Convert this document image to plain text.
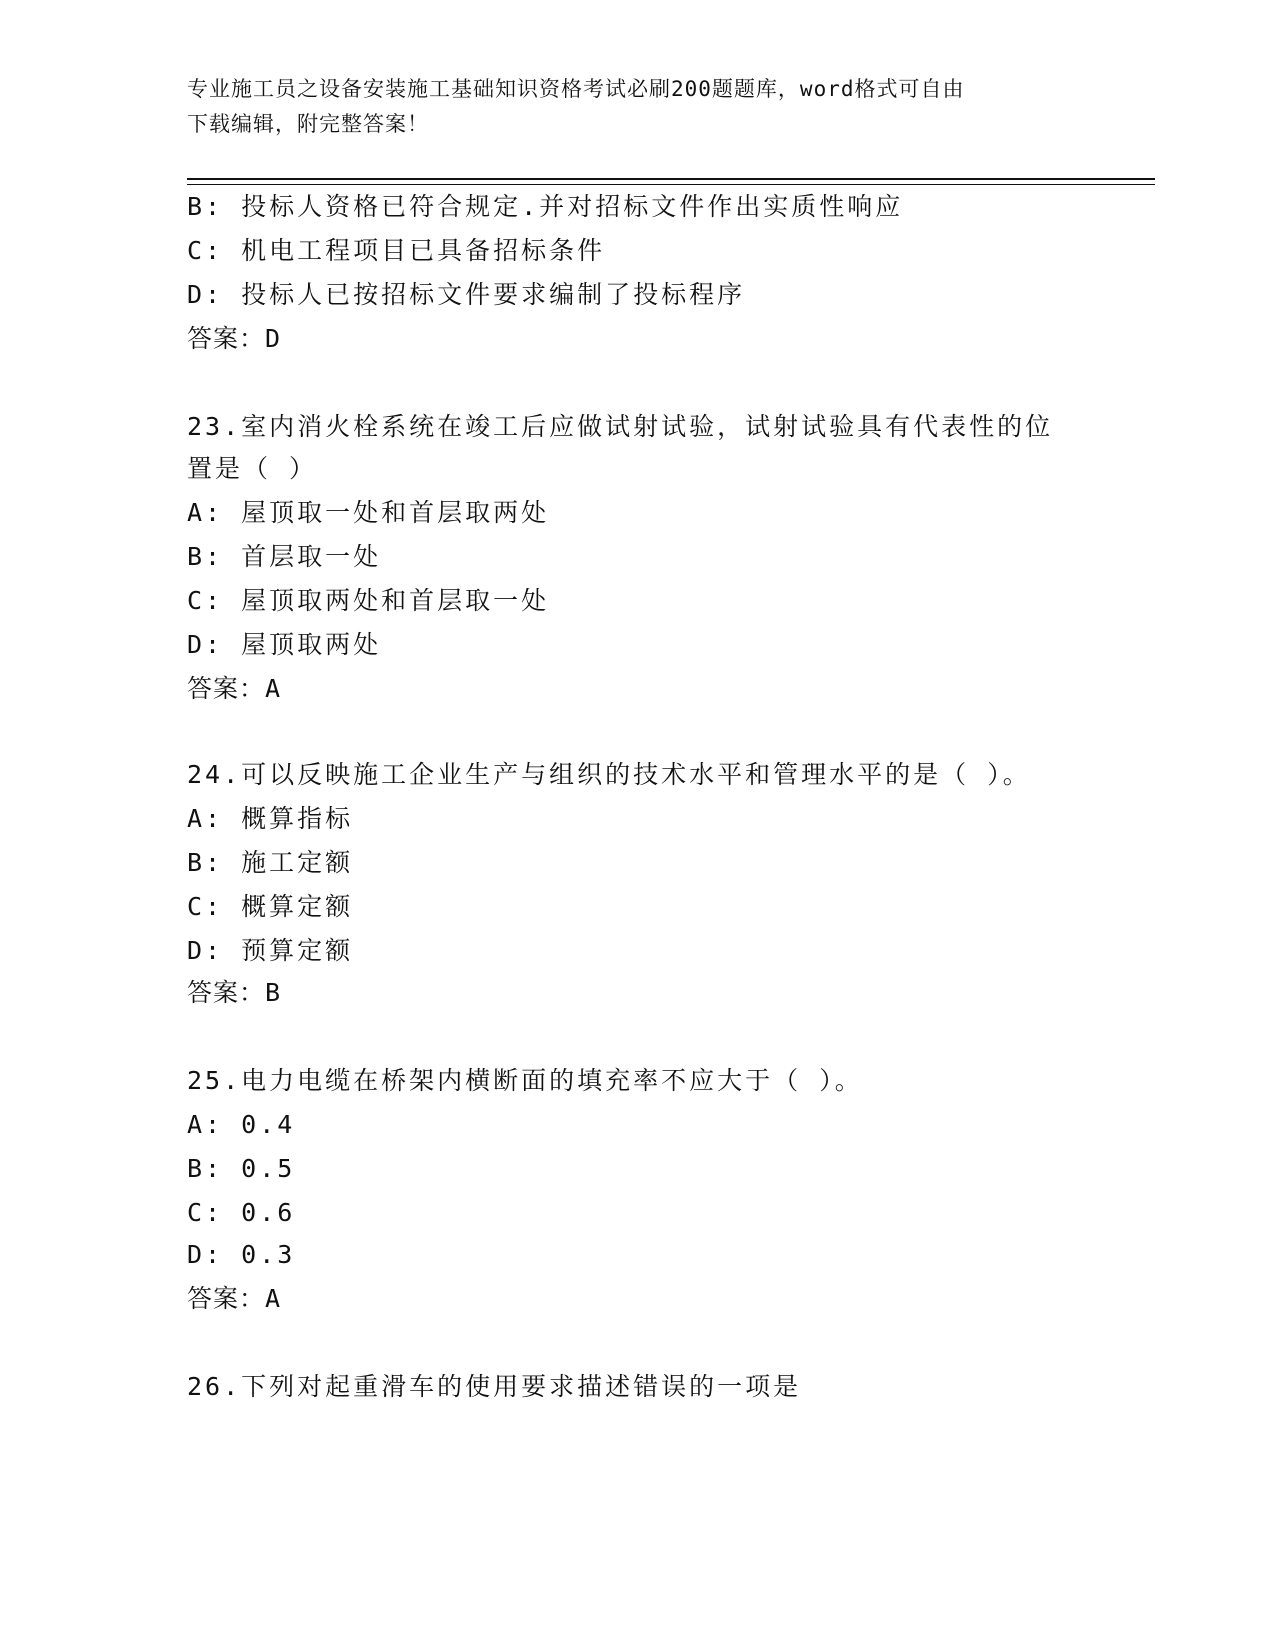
专业施工员之设备安装施工基础知识资格考试必刷200题题库，word格式可自由
下载编辑，附完整答案！
B: 投标人资格已符合规定.并对招标文件作出实质性响应
C: 机电工程项目已具备招标条件
D: 投标人已按招标文件要求编制了投标程序
答案：D
23.室内消火栓系统在竣工后应做试射试验，试射试验具有代表性的位
置是（ ）
A: 屋顶取一处和首层取两处
B: 首层取一处
C: 屋顶取两处和首层取一处
D: 屋顶取两处
答案：A
24.可以反映施工企业生产与组织的技术水平和管理水平的是（ ）。
A: 概算指标
B: 施工定额
C: 概算定额
D: 预算定额
答案：B
25.电力电缆在桥架内横断面的填充率不应大于（ ）。
A: 0.4
B: 0.5
C: 0.6
D: 0.3
答案：A
26.下列对起重滑车的使用要求描述错误的一项是
